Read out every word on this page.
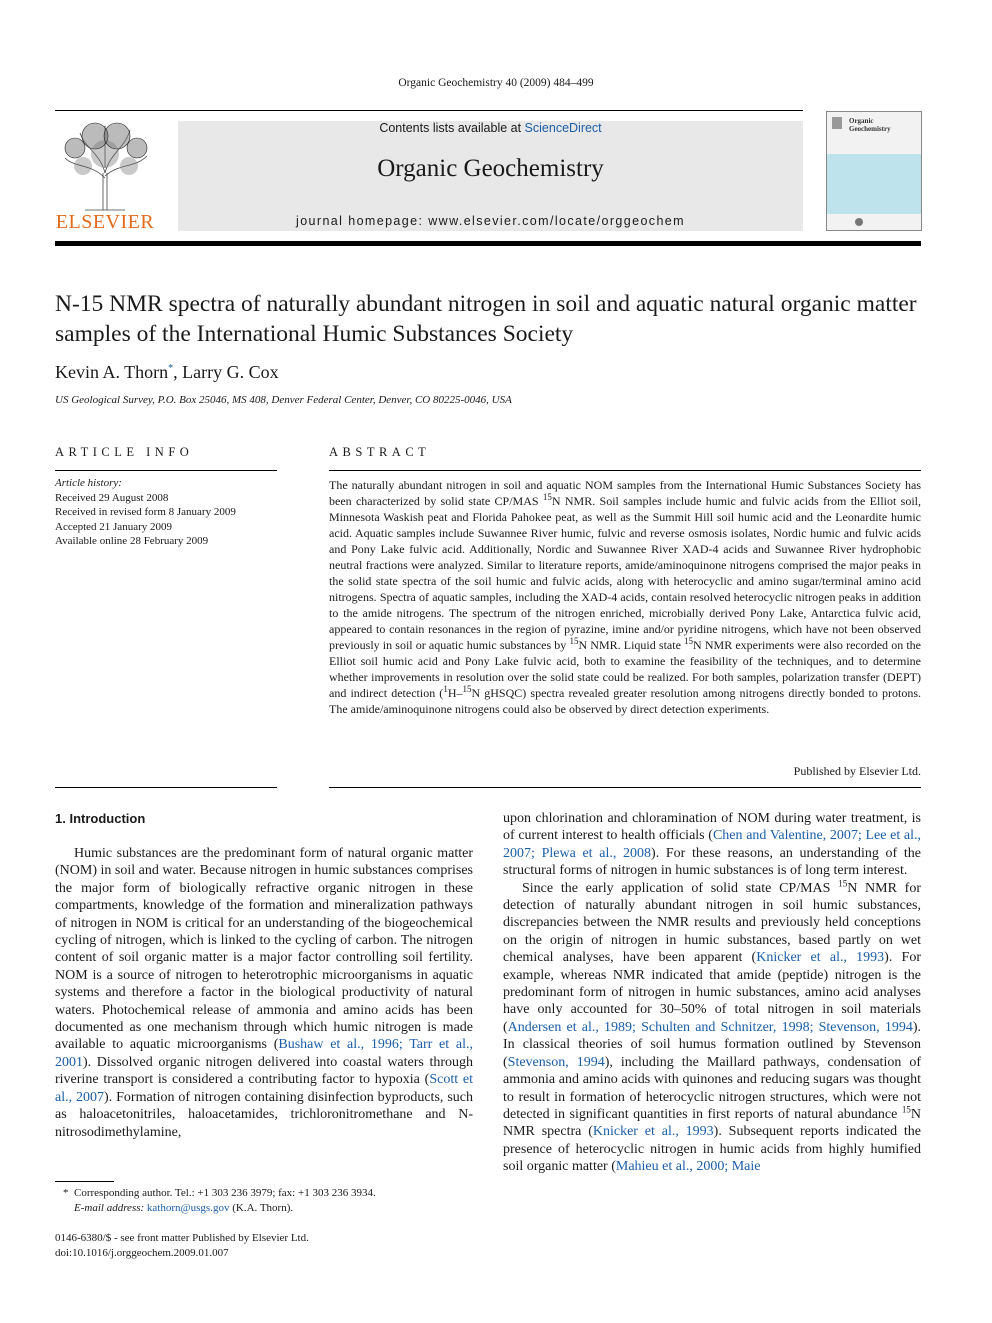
Organic Geochemistry 40 (2009) 484–499
ELSEVIER
Contents lists available at ScienceDirect
Organic Geochemistry
journal homepage: www.elsevier.com/locate/orggeochem
Organic Geochemistry
N-15 NMR spectra of naturally abundant nitrogen in soil and aquatic natural organic matter samples of the International Humic Substances Society
Kevin A. Thorn*, Larry G. Cox
US Geological Survey, P.O. Box 25046, MS 408, Denver Federal Center, Denver, CO 80225-0046, USA
ARTICLE INFO
Article history:
Received 29 August 2008
Received in revised form 8 January 2009
Accepted 21 January 2009
Available online 28 February 2009
ABSTRACT

The naturally abundant nitrogen in soil and aquatic NOM samples from the International Humic Substances Society has been characterized by solid state CP/MAS $^{15}$N NMR. Soil samples include humic and fulvic acids from the Elliot soil, Minnesota Waskish peat and Florida Pahokee peat, as well as the Summit Hill soil humic acid and the Leonardite humic acid. Aquatic samples include Suwannee River humic, fulvic and reverse osmosis isolates, Nordic humic and fulvic acids and Pony Lake fulvic acid. Additionally, Nordic and Suwannee River XAD-4 acids and Suwannee River hydrophobic neutral fractions were analyzed. Similar to literature reports, amide/aminoquinone nitrogens comprised the major peaks in the solid state spectra of the soil humic and fulvic acids, along with heterocyclic and amino sugar/terminal amino acid nitrogens. Spectra of aquatic samples, including the XAD-4 acids, contain resolved heterocyclic nitrogen peaks in addition to the amide nitrogens. The spectrum of the nitrogen enriched, microbially derived Pony Lake, Antarctica fulvic acid, appeared to contain resonances in the region of pyrazine, imine and/or pyridine nitrogens, which have not been observed previously in soil or aquatic humic substances by $^{15}$N NMR. Liquid state $^{15}$N NMR experiments were also recorded on the Elliot soil humic acid and Pony Lake fulvic acid, both to examine the feasibility of the techniques, and to determine whether improvements in resolution over the solid state could be realized. For both samples, polarization transfer (DEPT) and indirect detection ($^1$H–$^{15}$N gHSQC) spectra revealed greater resolution among nitrogens directly bonded to protons. The amide/aminoquinone nitrogens could also be observed by direct detection experiments.

Published by Elsevier Ltd.
1. Introduction

Humic substances are the predominant form of natural organic matter (NOM) in soil and water. Because nitrogen in humic substances comprises the major form of biologically refractive organic nitrogen in these compartments, knowledge of the formation and mineralization pathways of nitrogen in NOM is critical for an understanding of the biogeochemical cycling of nitrogen, which is linked to the cycling of carbon. The nitrogen content of soil organic matter is a major factor controlling soil fertility. NOM is a source of nitrogen to heterotrophic microorganisms in aquatic systems and therefore a factor in the biological productivity of natural waters. Photochemical release of ammonia and amino acids has been documented as one mechanism through which humic nitrogen is made available to aquatic microorganisms (Bushaw et al., 1996; Tarr et al., 2001). Dissolved organic nitrogen delivered into coastal waters through riverine transport is considered a contributing factor to hypoxia (Scott et al., 2007). Formation of nitrogen containing disinfection byproducts, such as haloacetonitriles, haloacetamides, trichloronitromethane and N-nitrosodimethylamine,

upon chlorination and chloramination of NOM during water treatment, is of current interest to health officials (Chen and Valentine, 2007; Lee et al., 2007; Plewa et al., 2008). For these reasons, an understanding of the structural forms of nitrogen in humic substances is of long term interest.

Since the early application of solid state CP/MAS $^{15}$N NMR for detection of naturally abundant nitrogen in soil humic substances, discrepancies between the NMR results and previously held conceptions on the origin of nitrogen in humic substances, based partly on wet chemical analyses, have been apparent (Knicker et al., 1993). For example, whereas NMR indicated that amide (peptide) nitrogen is the predominant form of nitrogen in humic substances, amino acid analyses have only accounted for 30–50% of total nitrogen in soil materials (Andersen et al., 1989; Schulten and Schnitzer, 1998; Stevenson, 1994). In classical theories of soil humus formation outlined by Stevenson (Stevenson, 1994), including the Maillard pathways, condensation of ammonia and amino acids with quinones and reducing sugars was thought to result in formation of heterocyclic nitrogen structures, which were not detected in significant quantities in first reports of natural abundance $^{15}$N NMR spectra (Knicker et al., 1993). Subsequent reports indicated the presence of heterocyclic nitrogen in humic acids from highly humified soil organic matter (Mahieu et al., 2000; Maie

* Corresponding author. Tel.: +1 303 236 3979; fax: +1 303 236 3934.
E-mail address: kathorn@usgs.gov (K.A. Thorn).
0146-6380/$ - see front matter Published by Elsevier Ltd.
doi:10.1016/j.orggeochem.2009.01.007
